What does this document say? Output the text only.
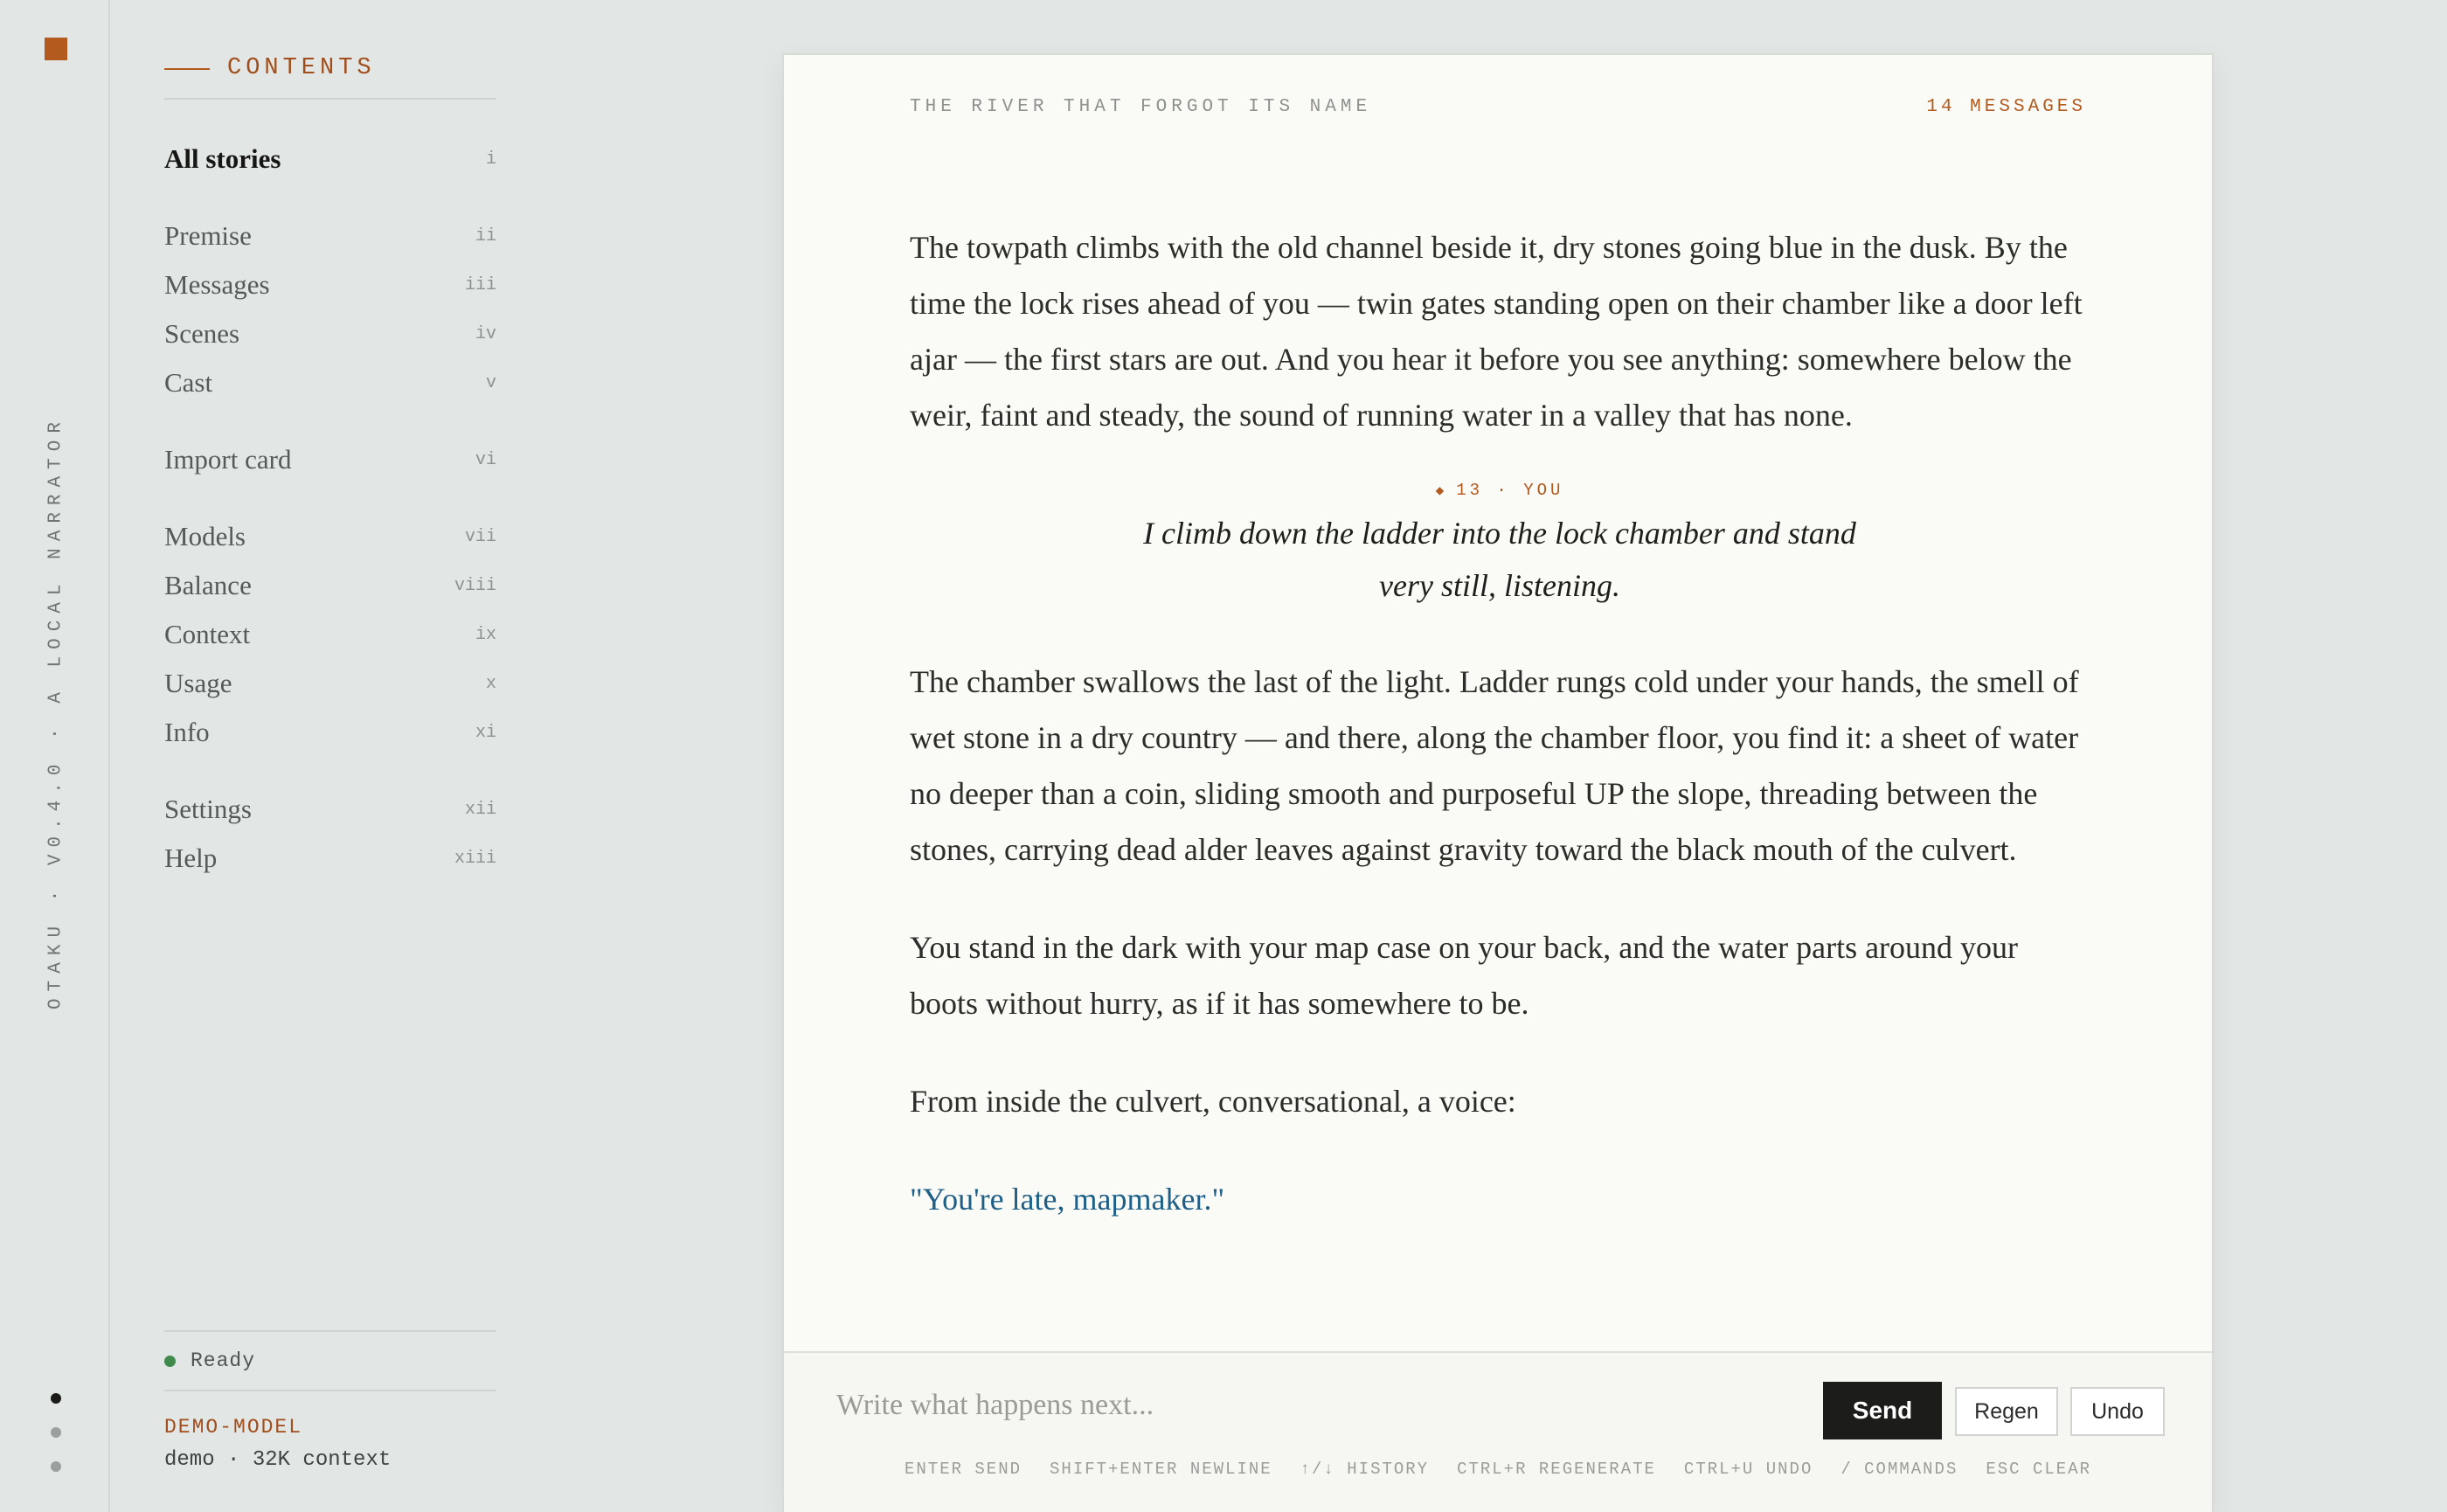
OTAKU · V0.4.0 · A LOCAL NARRATOR
CONTENTS
All stories	i
Premise	ii
Messages	iii
Scenes	iv
Cast	v
Import card	vi
Models	vii
Balance	viii
Context	ix
Usage	x
Info	xi
Settings	xii
Help	xiii
Ready
DEMO-MODEL
demo · 32K context
THE RIVER THAT FORGOT ITS NAME	14 MESSAGES

The towpath climbs with the old channel beside it, dry stones going blue in the dusk. By the time the lock rises ahead of you — twin gates standing open on their chamber like a door left ajar — the first stars are out. And you hear it before you see anything: somewhere below the weir, faint and steady, the sound of running water in a valley that has none.

◆ 13 · YOU

I climb down the ladder into the lock chamber and stand very still, listening.

The chamber swallows the last of the light. Ladder rungs cold under your hands, the smell of wet stone in a dry country — and there, along the chamber floor, you find it: a sheet of water no deeper than a coin, sliding smooth and purposeful UP the slope, threading between the stones, carrying dead alder leaves against gravity toward the black mouth of the culvert.

You stand in the dark with your map case on your back, and the water parts around your boots without hurry, as if it has somewhere to be.

From inside the culvert, conversational, a voice:

"You're late, mapmaker."

Write what happens next...
Send	Regen	Undo
ENTER SEND SHIFT+ENTER NEWLINE ↑/↓ HISTORY CTRL+R REGENERATE CTRL+U UNDO / COMMANDS ESC CLEAR
